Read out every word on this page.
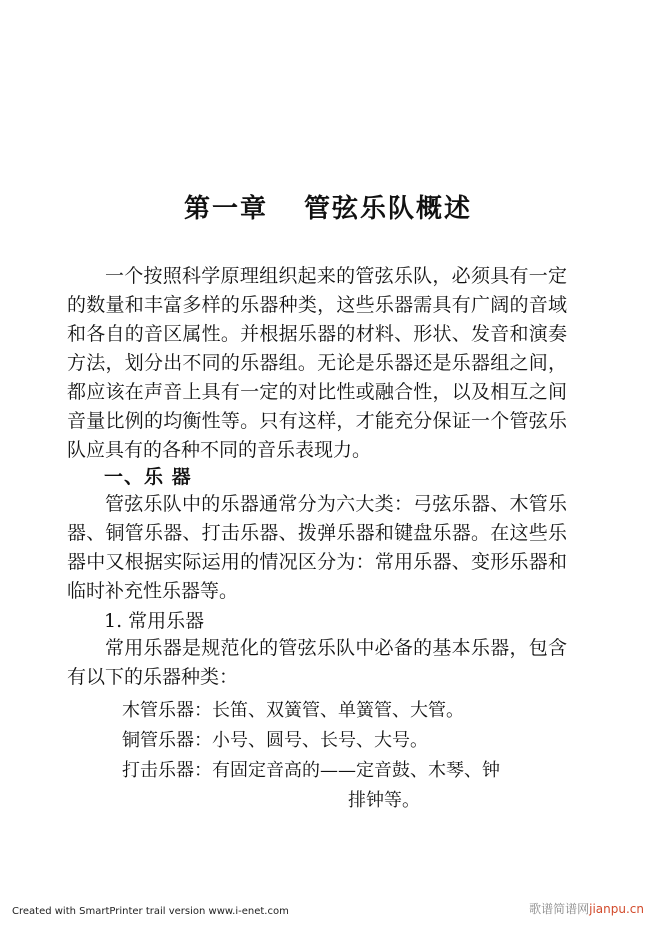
第一章 管弦乐队概述

一个按照科学原理组织起来的管弦乐队，必须具有一定的数量和丰富多样的乐器种类，这些乐器需具有广阔的音域和各自的音区属性。并根据乐器的材料、形状、发音和演奏方法，划分出不同的乐器组。无论是乐器还是乐器组之间，都应该在声音上具有一定的对比性或融合性，以及相互之间音量比例的均衡性等。只有这样，才能充分保证一个管弦乐队应具有的各种不同的音乐表现力。

一、乐 器

管弦乐队中的乐器通常分为六大类：弓弦乐器、木管乐器、铜管乐器、打击乐器、拨弹乐器和键盘乐器。在这些乐器中又根据实际运用的情况区分为：常用乐器、变形乐器和临时补充性乐器等。

1. 常用乐器

常用乐器是规范化的管弦乐队中必备的基本乐器，包含有以下的乐器种类：

木管乐器：长笛、双簧管、单簧管、大管。
铜管乐器：小号、圆号、长号、大号。
打击乐器：有固定音高的——定音鼓、木琴、钟
排钟等。
Created with SmartPrinter trail version www.i-enet.com	歌谱简谱网jianpu.cn
